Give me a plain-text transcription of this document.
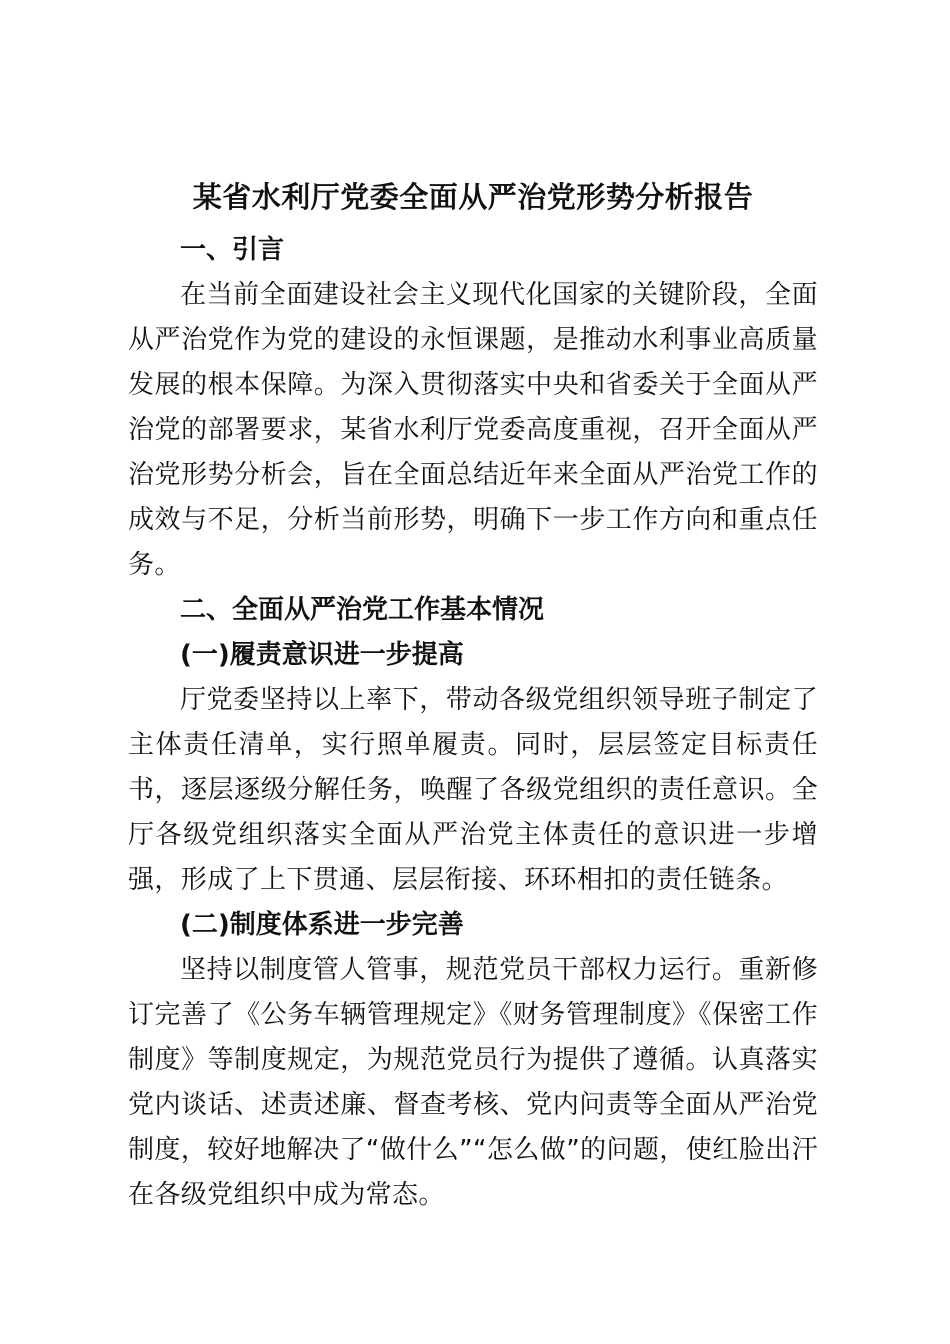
某省水利厅党委全面从严治党形势分析报告
一、引言

在当前全面建设社会主义现代化国家的关键阶段，全面从严治党作为党的建设的永恒课题，是推动水利事业高质量发展的根本保障。为深入贯彻落实中央和省委关于全面从严治党的部署要求，某省水利厅党委高度重视，召开全面从严治党形势分析会，旨在全面总结近年来全面从严治党工作的成效与不足，分析当前形势，明确下一步工作方向和重点任务。

二、全面从严治党工作基本情况
(一)履责意识进一步提高

厅党委坚持以上率下，带动各级党组织领导班子制定了主体责任清单，实行照单履责。同时，层层签定目标责任书，逐层逐级分解任务，唤醒了各级党组织的责任意识。全厅各级党组织落实全面从严治党主体责任的意识进一步增强，形成了上下贯通、层层衔接、环环相扣的责任链条。

(二)制度体系进一步完善

坚持以制度管人管事，规范党员干部权力运行。重新修订完善了《公务车辆管理规定》《财务管理制度》《保密工作制度》等制度规定，为规范党员行为提供了遵循。认真落实党内谈话、述责述廉、督查考核、党内问责等全面从严治党制度，较好地解决了“做什么”“怎么做”的问题，使红脸出汗在各级党组织中成为常态。
